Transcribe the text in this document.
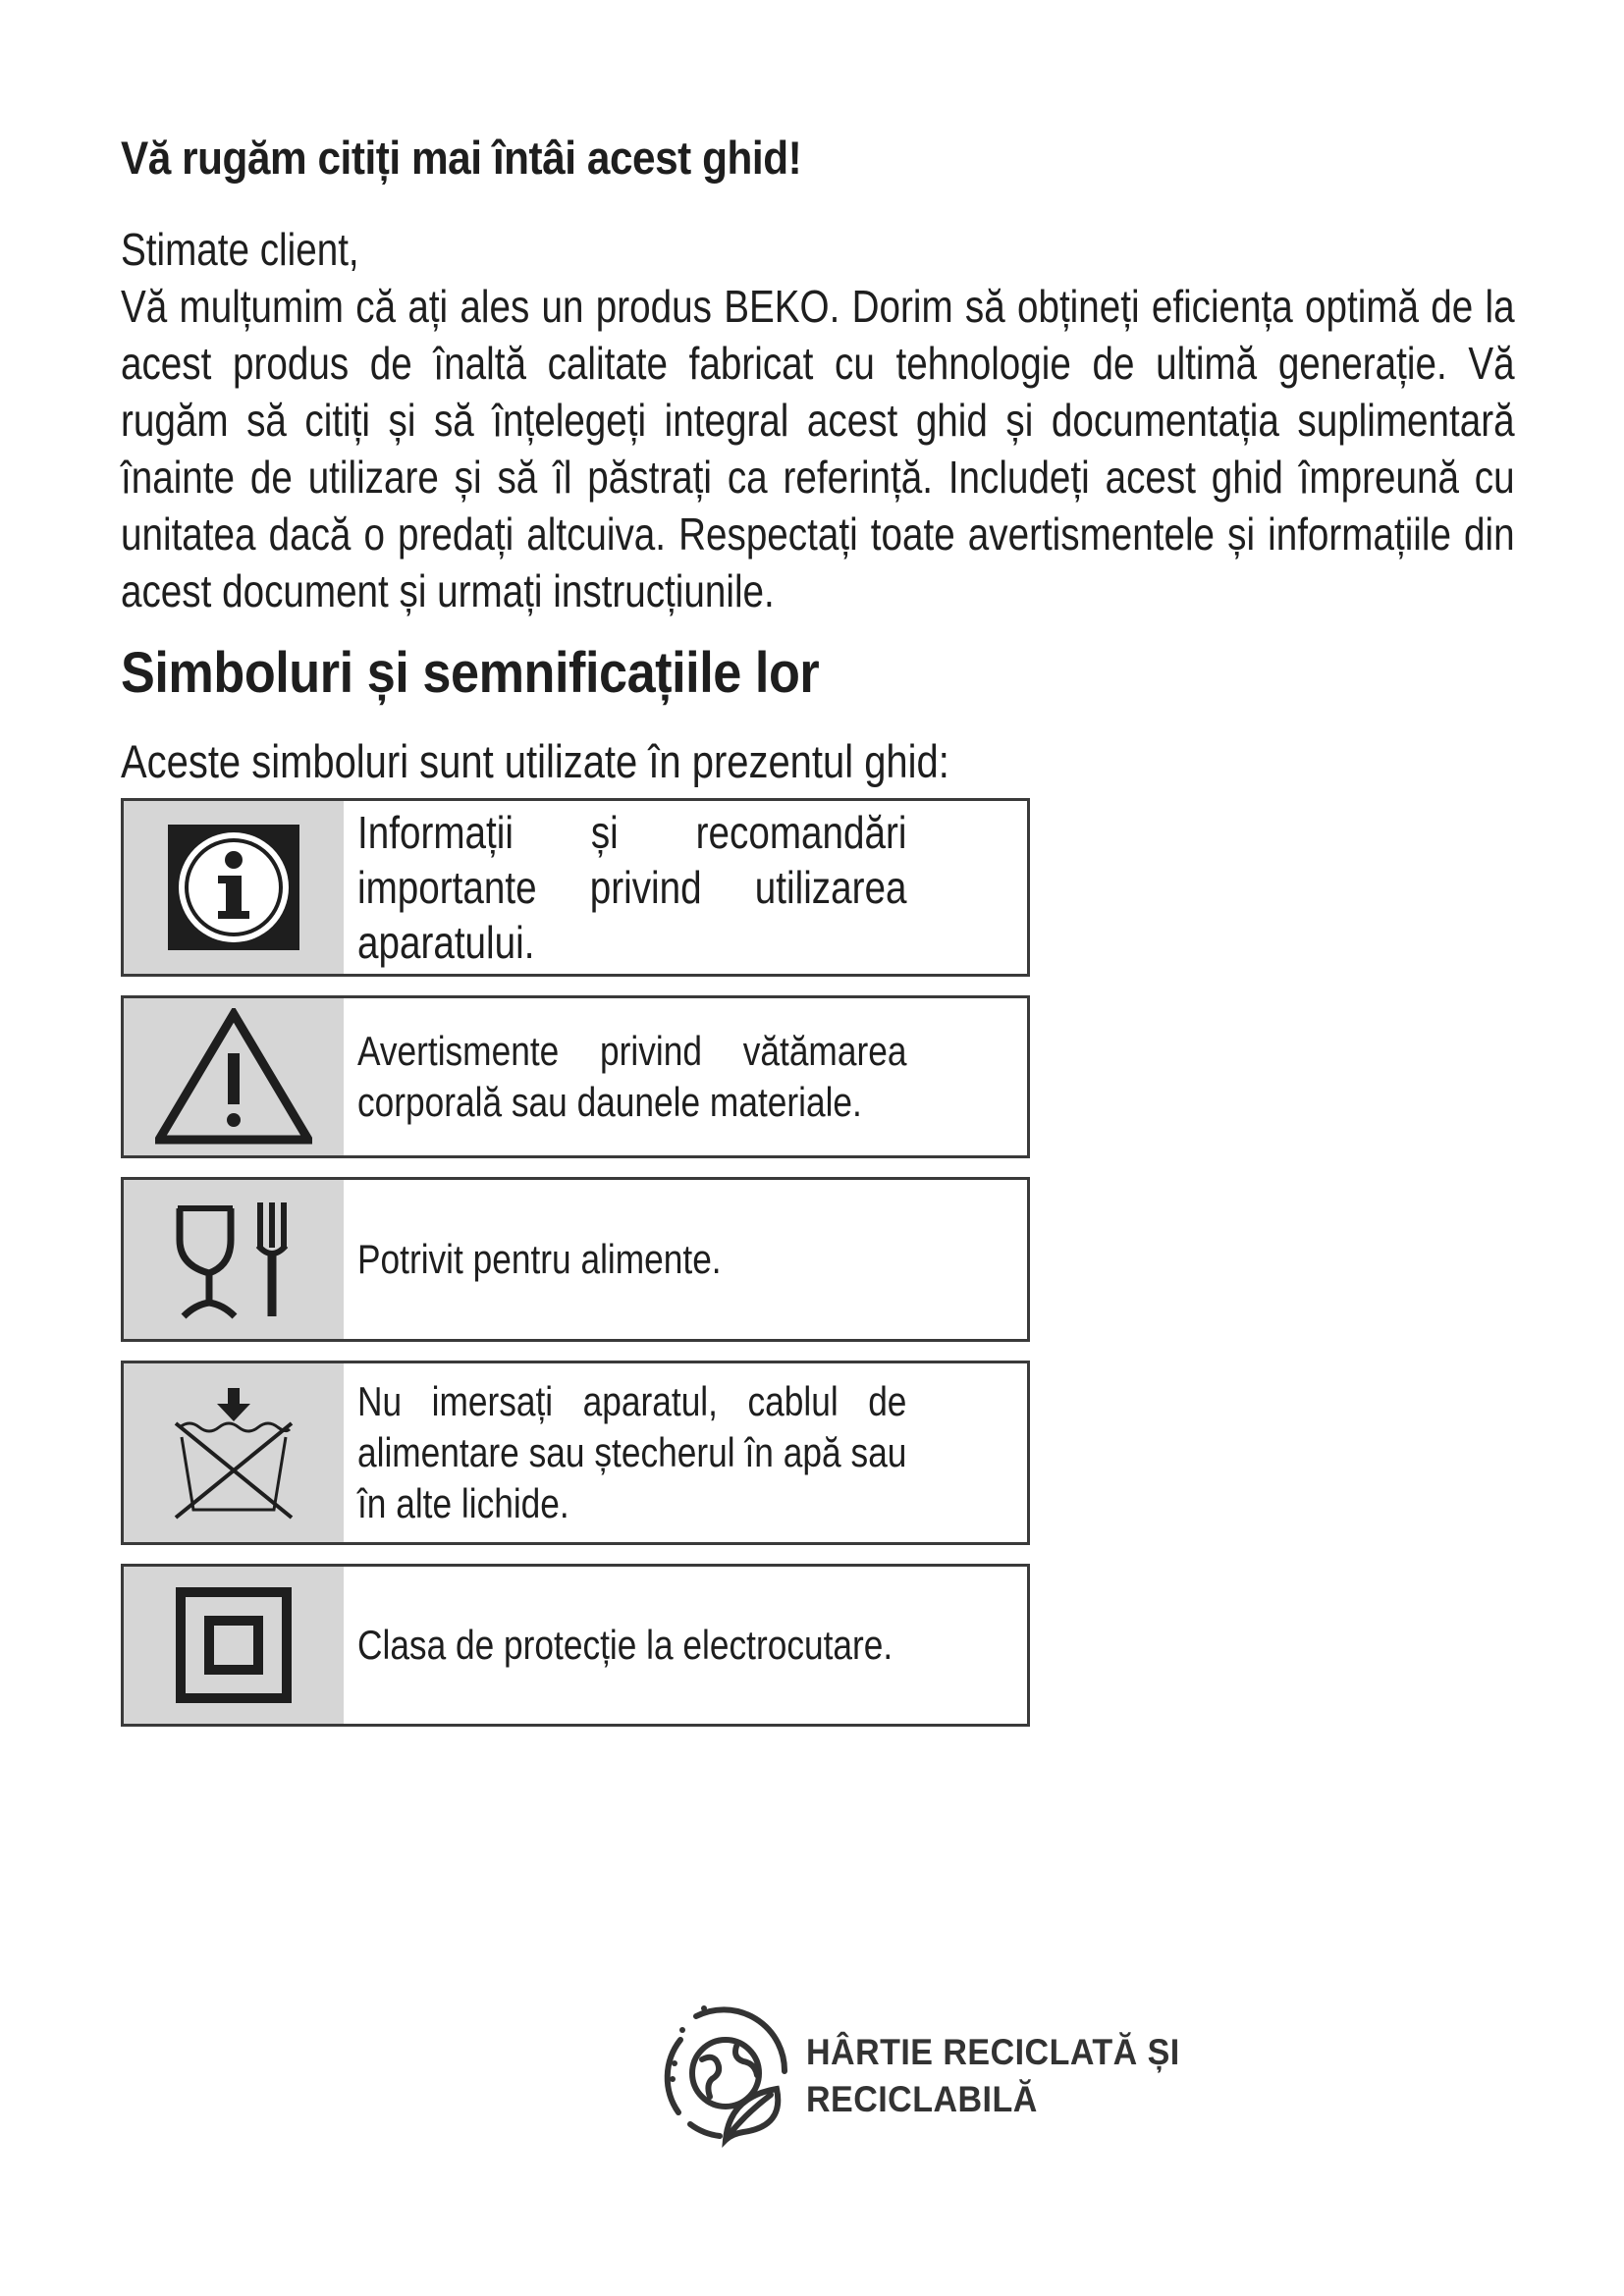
Vă rugăm citiți mai întâi acest ghid!
Stimate client,

Vă mulțumim că ați ales un produs BEKO. Dorim să obțineți eficiența optimă de la acest produs de înaltă calitate fabricat cu tehnologie de ultimă generație. Vă rugăm să citiți și să înțelegeți integral acest ghid și documentația suplimentară înainte de utilizare și să îl păstrați ca referință. Includeți acest ghid împreună cu unitatea dacă o predați altcuiva. Respectați toate avertismentele și informațiile din acest document și urmați instrucțiunile.

Simboluri și semnificațiile lor
Aceste simboluri sunt utilizate în prezentul ghid:

Informații și recomandări importante privind utilizarea aparatului.

Avertismente privind vătămarea corporală sau daunele materiale.

Potrivit pentru alimente.

Nu imersați aparatul, cablul de alimentare sau ștecherul în apă sau în alte lichide.

Clasa de protecție la electrocutare.

HÂRTIE RECICLATĂ ȘI
RECICLABILĂ
